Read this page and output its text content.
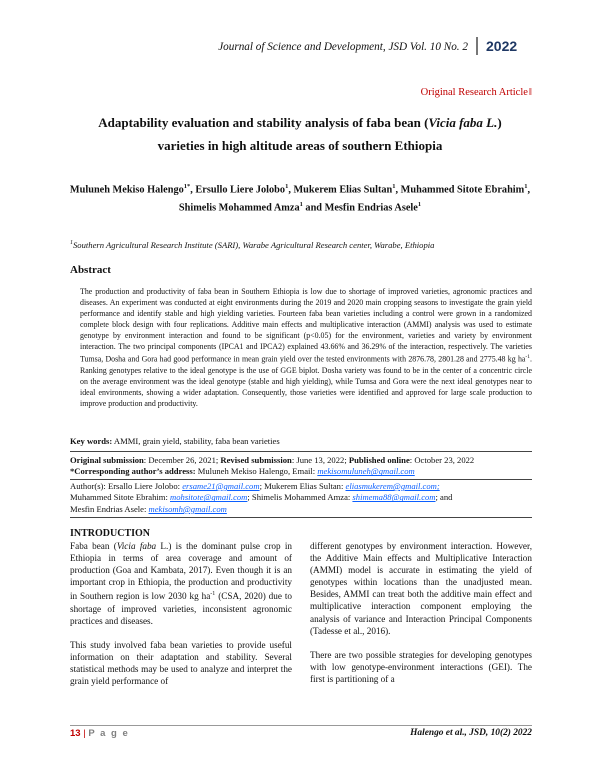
Journal of Science and Development, JSD Vol. 10 No. 2	2022
Original Research Article‖
Adaptability evaluation and stability analysis of faba bean (Vicia faba L.)
varieties in high altitude areas of southern Ethiopia
Muluneh Mekiso Halengo$^{1*}$, Ersullo Liere Jolobo$^1$, Mukerem Elias Sultan$^1$, Muhammed Sitote Ebrahim$^1$, Shimelis Mohammed Amza$^1$ and Mesfin Endrias Asele$^1$
$^1$Southern Agricultural Research Institute (SARI), Warabe Agricultural Research center, Warabe, Ethiopia
Abstract
The production and productivity of faba bean in Southern Ethiopia is low due to shortage of improved varieties, agronomic practices and diseases. An experiment was conducted at eight environments during the 2019 and 2020 main cropping seasons to investigate the grain yield performance and identify stable and high yielding varieties. Fourteen faba bean varieties including a control were grown in a randomized complete block design with four replications. Additive main effects and multiplicative interaction (AMMI) analysis was used to estimate genotype by environment interaction and found to be significant (p<0.05) for the environment, varieties and variety by environment interaction. The two principal components (IPCA1 and IPCA2) explained 43.66% and 36.29% of the interaction, respectively. The varieties Tumsa, Dosha and Gora had good performance in mean grain yield over the tested environments with 2876.78, 2801.28 and 2775.48 kg $ha^{-1}$. Ranking genotypes relative to the ideal genotype is the use of GGE biplot. Dosha variety was found to be in the center of a concentric circle on the average environment was the ideal genotype (stable and high yielding), while Tumsa and Gora were the next ideal genotypes near to ideal environments, showing a wider adaptation. Consequently, those varieties were identified and approved for large scale production to improve production and productivity.
Key words: AMMI, grain yield, stability, faba bean varieties
Original submission: December 26, 2021; Revised submission: June 13, 2022; Published online: October 23, 2022
*Corresponding author’s address: Muluneh Mekiso Halengo, Email: mekisomuluneh@gmail.com
Author(s): Ersallo Liere Jolobo: ersame21@gmail.com; Mukerem Elias Sultan: eliasmukerem@gmail.com;
Muhammed Sitote Ebrahim: mohsitote@gmail.com; Shimelis Mohammed Amza: shimema88@gmail.com; and
Mesfin Endrias Asele: mekisomh@gmail.com
INTRODUCTION

Faba bean (Vicia faba L.) is the dominant pulse crop in Ethiopia in terms of area coverage and amount of production (Goa and Kambata, 2017). Even though it is an important crop in Ethiopia, the production and productivity in Southern region is low 2030 kg $ha^{-1}$ (CSA, 2020) due to shortage of improved varieties, inconsistent agronomic practices and diseases.

This study involved faba bean varieties to provide useful information on their adaptation and stability. Several statistical methods may be used to analyze and interpret the grain yield performance of

different genotypes by environment interaction. However, the Additive Main effects and Multiplicative Interaction (AMMI) model is accurate in estimating the yield of genotypes within locations than the unadjusted mean. Besides, AMMI can treat both the additive main effect and multiplicative interaction component employing the analysis of variance and Interaction Principal Components (Tadesse et al., 2016).

There are two possible strategies for developing genotypes with low genotype-environment interactions (GEI). The first is partitioning of a

13 | P a g e	Halengo et al., JSD, 10(2) 2022
